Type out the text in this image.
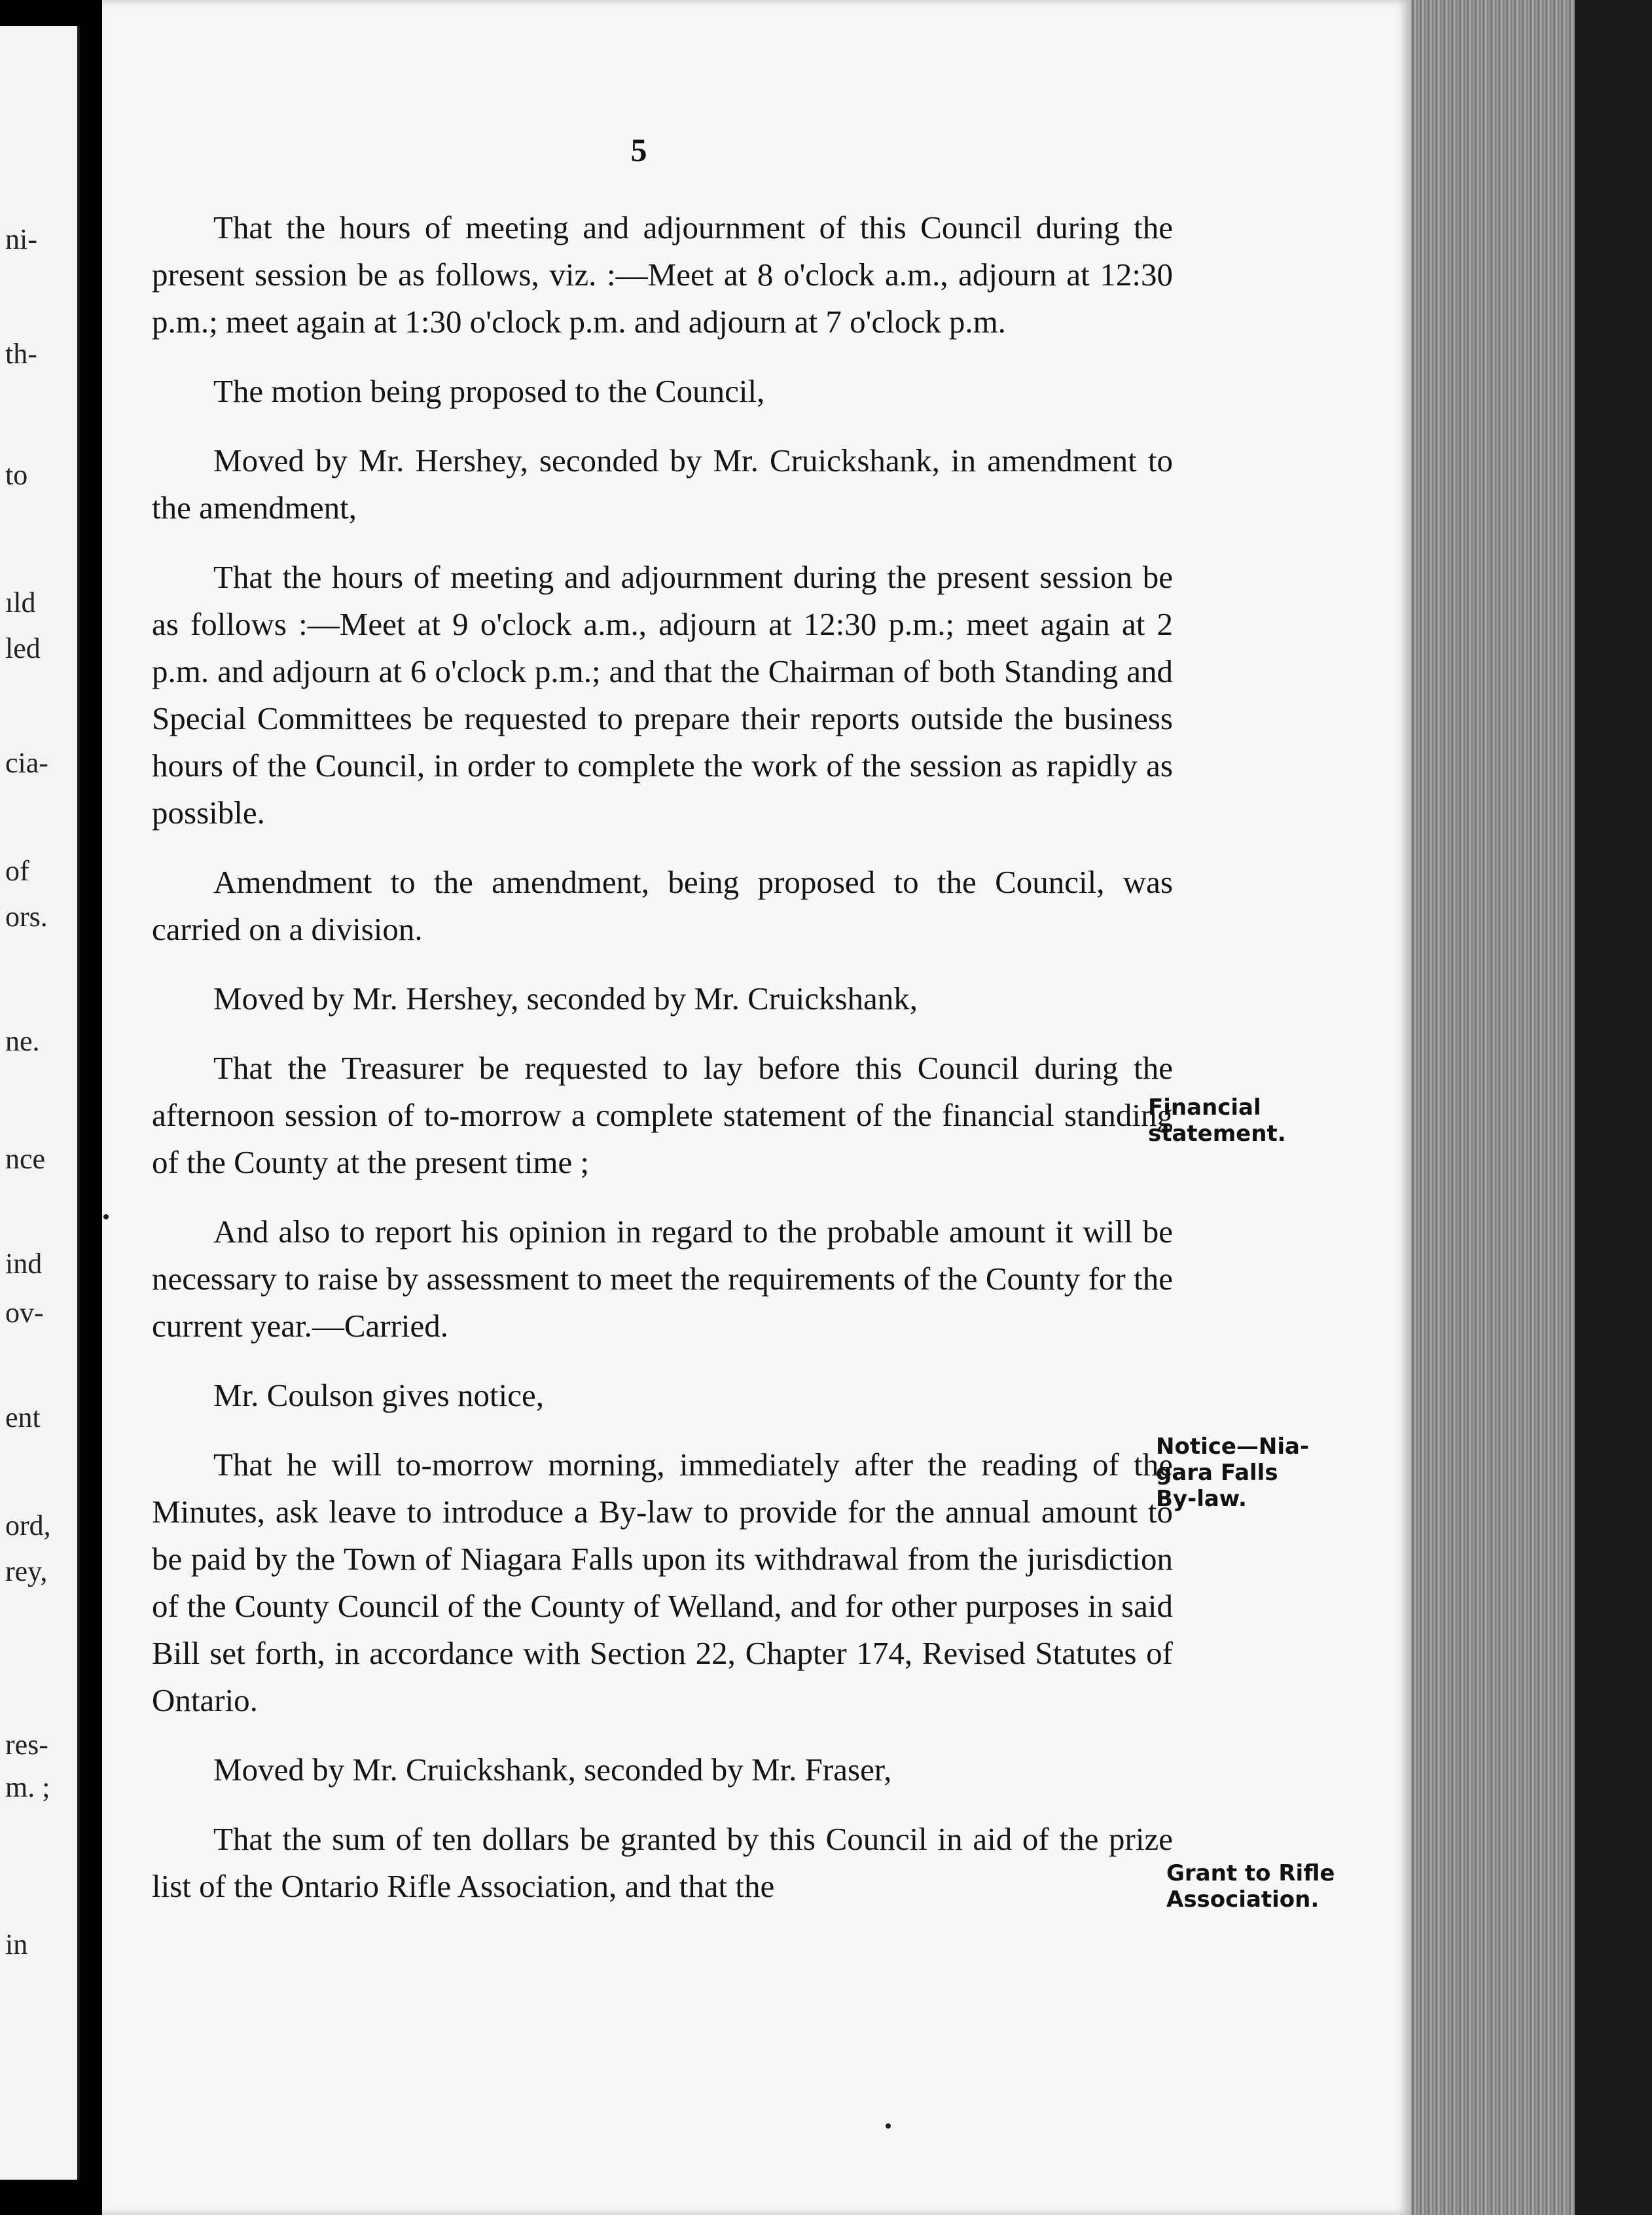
ni-
th-
to
ıld
led
cia-
of
ors.
ne.
nce
ind
ov-
ent
ord,
rey,
res-
m. ;
in
5

That the hours of meeting and adjournment of this Council during the present session be as follows, viz. :—Meet at 8 o'clock a.m., adjourn at 12:30 p.m.; meet again at 1:30 o'clock p.m. and adjourn at 7 o'clock p.m.

The motion being proposed to the Council,

Moved by Mr. Hershey, seconded by Mr. Cruickshank, in amendment to the amendment,

That the hours of meeting and adjournment during the present session be as follows :—Meet at 9 o'clock a.m., adjourn at 12:30 p.m.; meet again at 2 p.m. and adjourn at 6 o'clock p.m.; and that the Chairman of both Standing and Special Committees be requested to prepare their reports outside the business hours of the Council, in order to complete the work of the session as rapidly as possible.

Amendment to the amendment, being proposed to the Council, was carried on a division.

Moved by Mr. Hershey, seconded by Mr. Cruickshank,

That the Treasurer be requested to lay before this Council during the afternoon session of to-morrow a complete statement of the financial standing of the County at the present time ;

And also to report his opinion in regard to the probable amount it will be necessary to raise by assessment to meet the requirements of the County for the current year.—Carried.

Mr. Coulson gives notice,

That he will to-morrow morning, immediately after the reading of the Minutes, ask leave to introduce a By-law to provide for the annual amount to be paid by the Town of Niagara Falls upon its withdrawal from the jurisdiction of the County Council of the County of Welland, and for other purposes in said Bill set forth, in accordance with Section 22, Chapter 174, Revised Statutes of Ontario.

Moved by Mr. Cruickshank, seconded by Mr. Fraser,

That the sum of ten dollars be granted by this Council in aid of the prize list of the Ontario Rifle Association, and that the

Financial
statement.
Notice—Nia-
gara Falls
By-law.
Grant to Rifle
Association.
